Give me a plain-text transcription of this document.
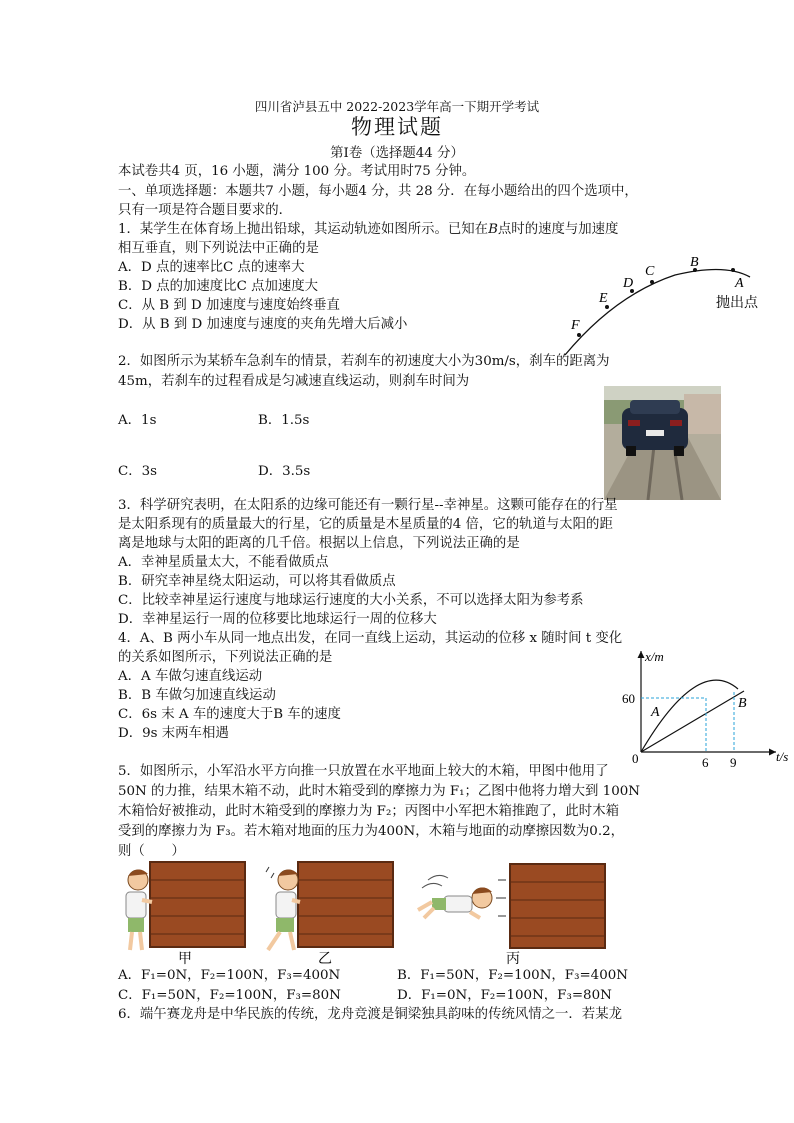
四川省泸县五中 2022-2023学年高一下期开学考试
物理试题
第Ⅰ卷（选择题44 分）
本试卷共4 页，16 小题，满分 100 分。考试用时75 分钟。
一、单项选择题：本题共7 小题，每小题4 分，共 28 分．在每小题给出的四个选项中，
只有一项是符合题目要求的．
1．某学生在体育场上抛出铅球，其运动轨迹如图所示。已知在B点时的速度与加速度
相互垂直，则下列说法中正确的是
A．D 点的速率比C 点的速率大
B．D 点的加速度比C 点加速度大
C．从 B 到 D 加速度与速度始终垂直
D．从 B 到 D 加速度与速度的夹角先增大后减小	F
E
D
C
B
A
抛出点
2．如图所示为某轿车急刹车的情景，若刹车的初速度大小为30m/s，刹车的距离为
45m，若刹车的过程看成是匀减速直线运动，则刹车时间为
A．1s	B．1.5s
C．3s	D．3.5s
3．科学研究表明，在太阳系的边缘可能还有一颗行星--幸神星。这颗可能存在的行星
是太阳系现有的质量最大的行星，它的质量是木星质量的4 倍，它的轨道与太阳的距
离是地球与太阳的距离的几千倍。根据以上信息，下列说法正确的是
A．幸神星质量太大，不能看做质点
B．研究幸神星绕太阳运动，可以将其看做质点
C．比较幸神星运行速度与地球运行速度的大小关系，不可以选择太阳为参考系
D．幸神星运行一周的位移要比地球运行一周的位移大
4．A、B 两小车从同一地点出发，在同一直线上运动，其运动的位移 x 随时间 t 变化
的关系如图所示，下列说法正确的是
A．A 车做匀速直线运动
B．B 车做匀加速直线运动
C．6s 末 A 车的速度大于B 车的速度
D．9s 末两车相遇
x/m
t/s
0
60
6 9
A
B
5．如图所示，小军沿水平方向推一只放置在水平地面上较大的木箱，甲图中他用了
50N 的力推，结果木箱不动，此时木箱受到的摩擦力为 F₁；乙图中他将力增大到 100N
木箱恰好被推动，此时木箱受到的摩擦力为 F₂；丙图中小军把木箱推跑了，此时木箱
受到的摩擦力为 F₃。若木箱对地面的压力为400N，木箱与地面的动摩擦因数为0.2，
则（　　）
甲	乙	丙
A．F₁=0N，F₂=100N，F₃=400N	B．F₁=50N，F₂=100N，F₃=400N
C．F₁=50N，F₂=100N，F₃=80N	D．F₁=0N，F₂=100N，F₃=80N
6．端午赛龙舟是中华民族的传统，龙舟竞渡是铜梁独具韵味的传统风情之一．若某龙
